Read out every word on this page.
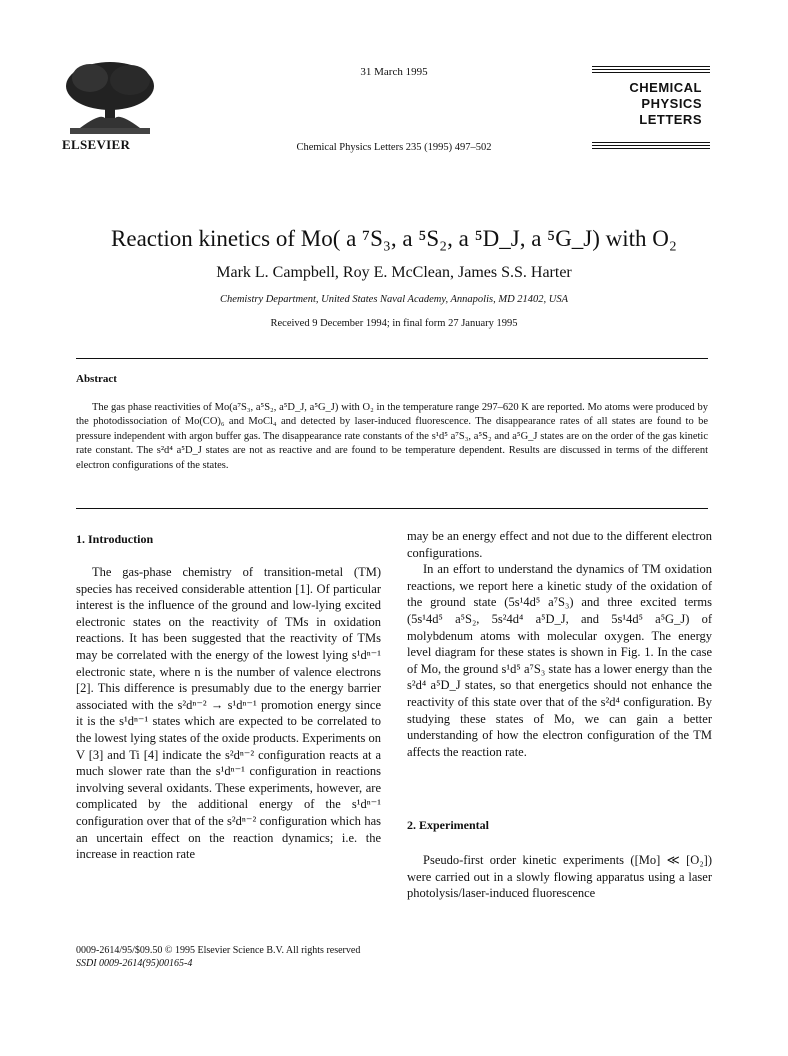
ELSEVIER
31 March 1995
Chemical Physics Letters 235 (1995) 497–502
CHEMICAL
PHYSICS
LETTERS
Reaction kinetics of Mo( a ⁷S₃, a ⁵S₂, a ⁵D_J, a ⁵G_J) with O₂
Mark L. Campbell, Roy E. McClean, James S.S. Harter
Chemistry Department, United States Naval Academy, Annapolis, MD 21402, USA
Received 9 December 1994; in final form 27 January 1995
Abstract

The gas phase reactivities of Mo(a⁷S₃, a⁵S₂, a⁵D_J, a⁵G_J) with O₂ in the temperature range 297–620 K are reported. Mo atoms were produced by the photodissociation of Mo(CO)₆ and MoCl₄ and detected by laser-induced fluorescence. The disappearance rates of all states are found to be pressure independent with argon buffer gas. The disappearance rate constants of the s¹d⁵ a⁷S₃, a⁵S₂ and a⁵G_J states are on the order of the gas kinetic rate constant. The s²d⁴ a⁵D_J states are not as reactive and are found to be temperature dependent. Results are discussed in terms of the different electron configurations of the states.

1. Introduction

The gas-phase chemistry of transition-metal (TM) species has received considerable attention [1]. Of particular interest is the influence of the ground and low-lying excited electronic states on the reactivity of TMs in oxidation reactions. It has been suggested that the reactivity of TMs may be correlated with the energy of the lowest lying s¹dⁿ⁻¹ electronic state, where n is the number of valence electrons [2]. This difference is presumably due to the energy barrier associated with the s²dⁿ⁻² → s¹dⁿ⁻¹ promotion energy since it is the s¹dⁿ⁻¹ states which are expected to be correlated to the lowest lying states of the oxide products. Experiments on V [3] and Ti [4] indicate the s²dⁿ⁻² configuration reacts at a much slower rate than the s¹dⁿ⁻¹ configuration in reactions involving several oxidants. These experiments, however, are complicated by the additional energy of the s¹dⁿ⁻¹ configuration over that of the s²dⁿ⁻² configuration which has an uncertain effect on the reaction dynamics; i.e. the increase in reaction rate

may be an energy effect and not due to the different electron configurations.

In an effort to understand the dynamics of TM oxidation reactions, we report here a kinetic study of the oxidation of the ground state (5s¹4d⁵ a⁷S₃) and three excited terms (5s¹4d⁵ a⁵S₂, 5s²4d⁴ a⁵D_J, and 5s¹4d⁵ a⁵G_J) of molybdenum atoms with molecular oxygen. The energy level diagram for these states is shown in Fig. 1. In the case of Mo, the ground s¹d⁵ a⁷S₃ state has a lower energy than the s²d⁴ a⁵D_J states, so that energetics should not enhance the reactivity of this state over that of the s²d⁴ configuration. By studying these states of Mo, we can gain a better understanding of how the electron configuration of the TM affects the reaction rate.

2. Experimental

Pseudo-first order kinetic experiments ([Mo] ≪ [O₂]) were carried out in a slowly flowing apparatus using a laser photolysis/laser-induced fluorescence

0009-2614/95/$09.50 © 1995 Elsevier Science B.V. All rights reserved
SSDI 0009-2614(95)00165-4
